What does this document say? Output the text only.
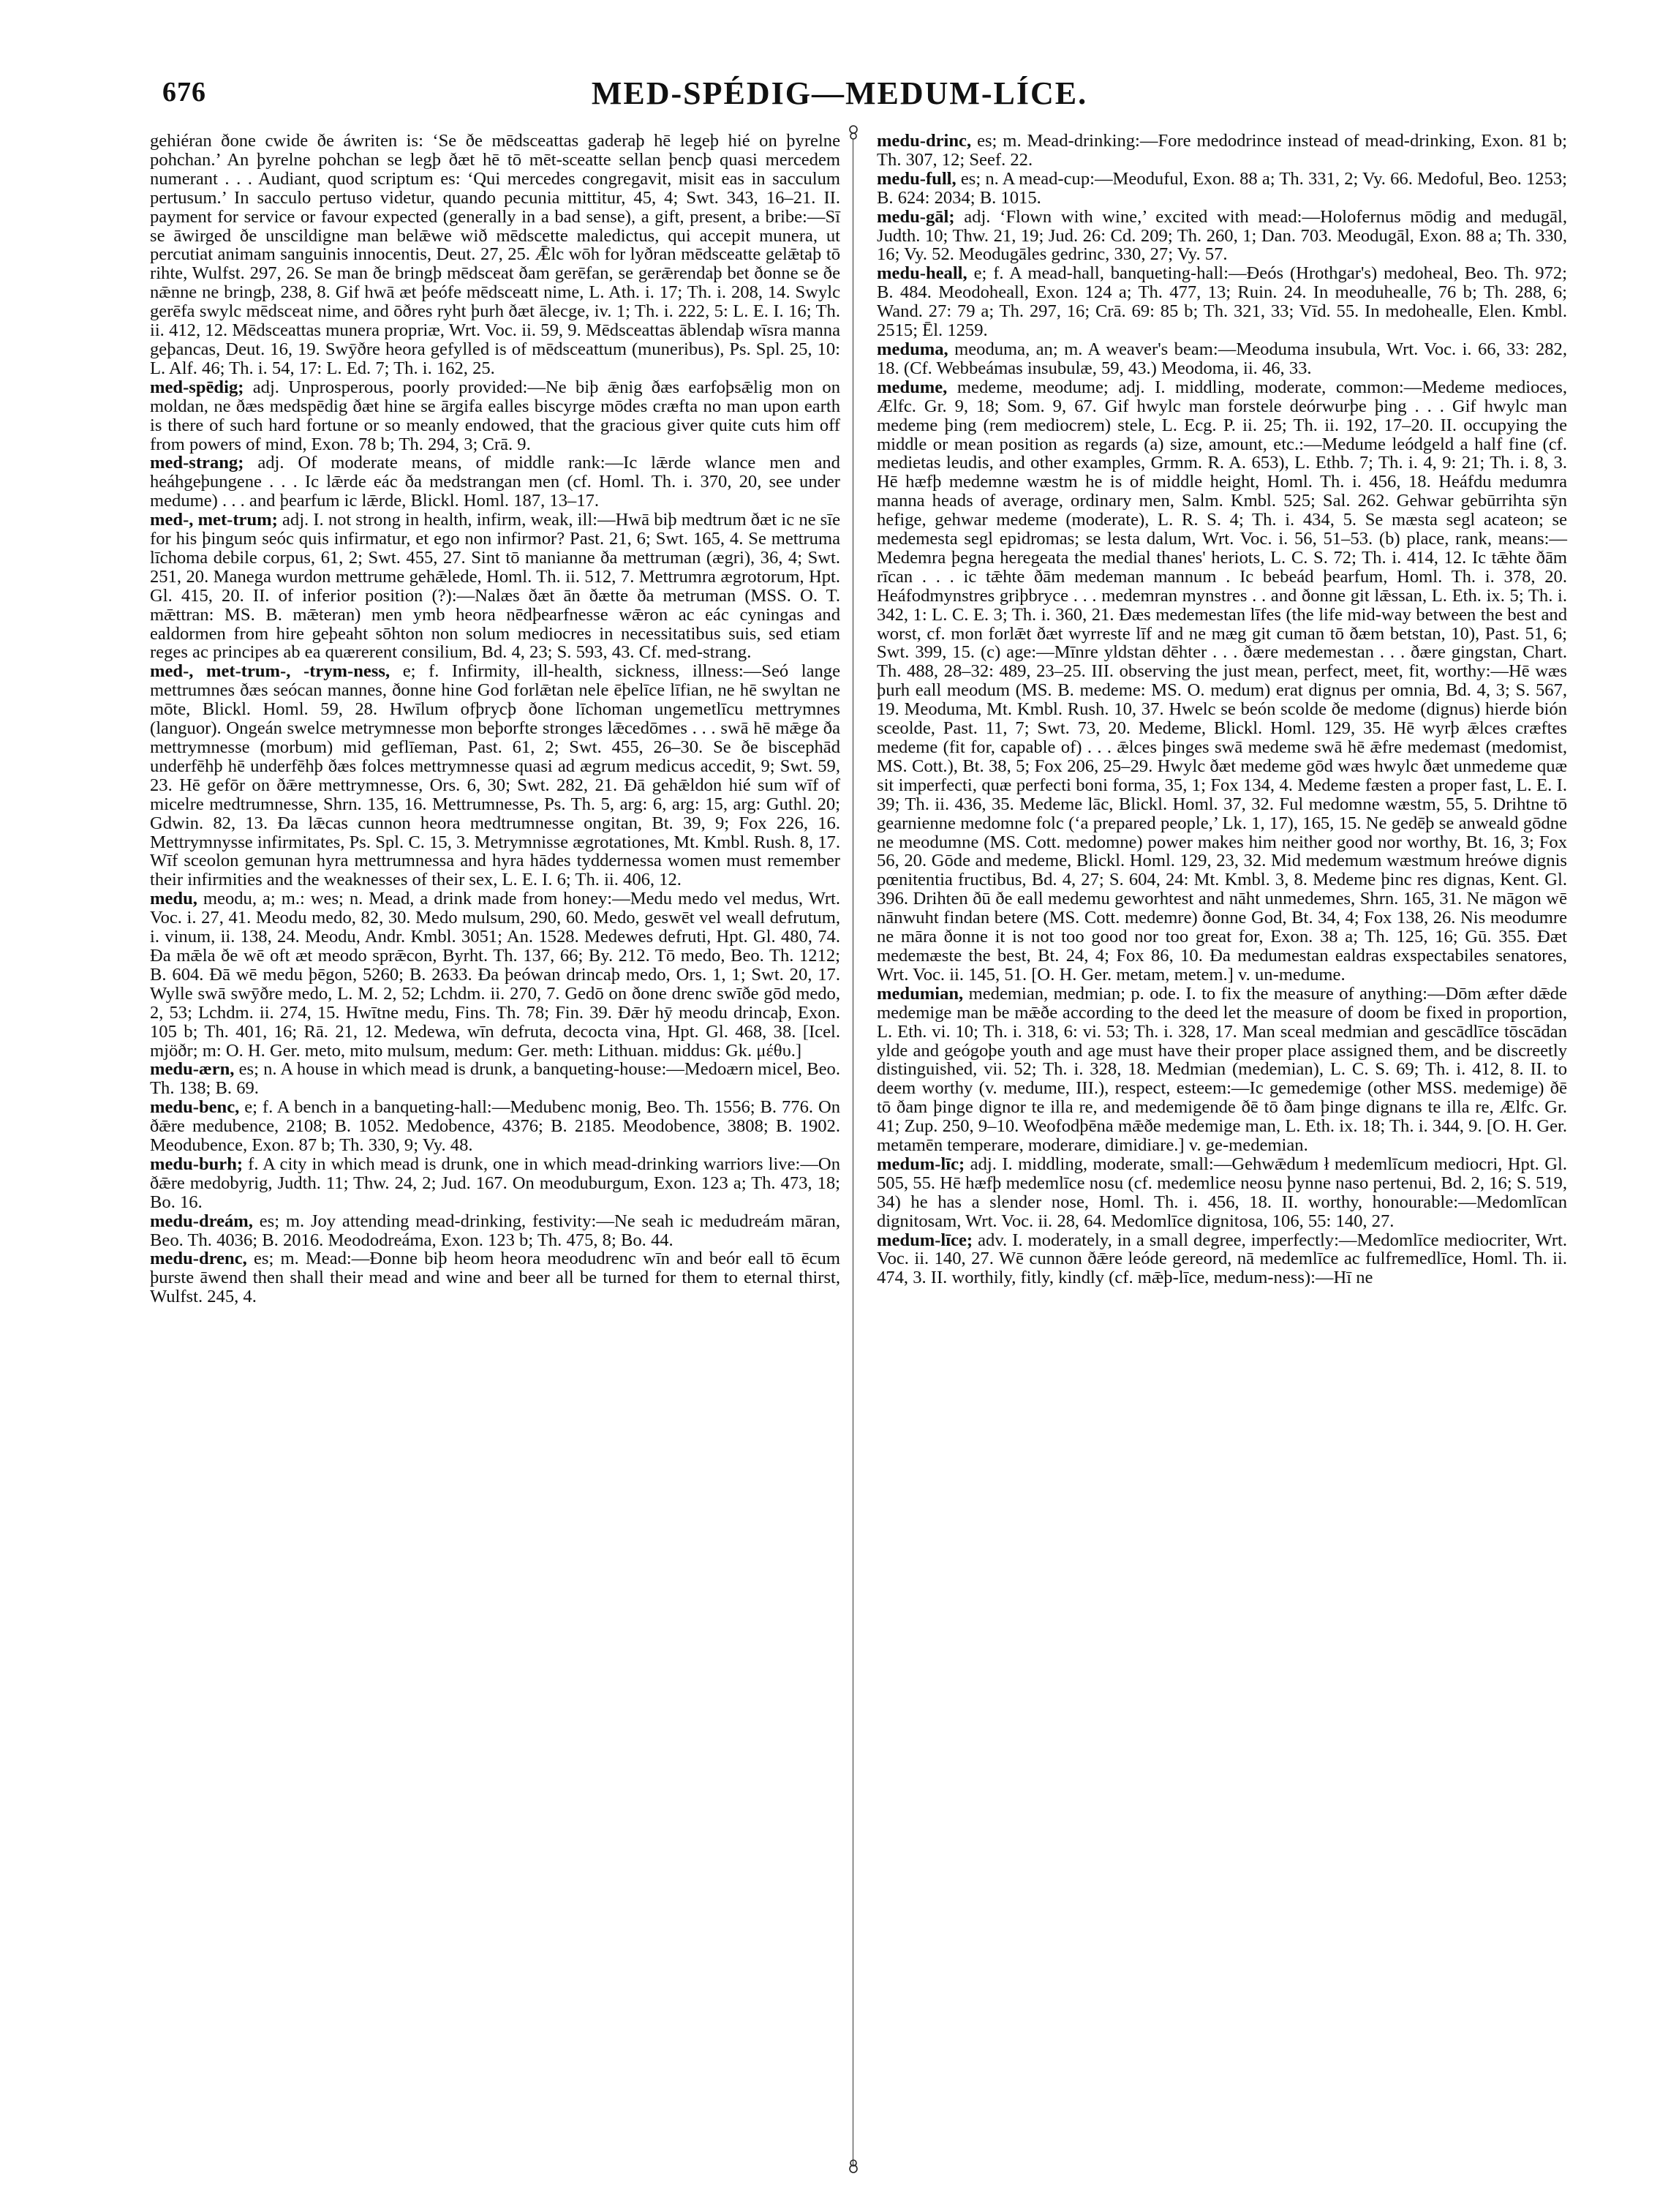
676	MED-SPÉDIG—MEDUM-LÍCE.

gehiéran ðone cwide ðe áwriten is: ‘Se ðe mēdsceattas gaderaþ hē legeþ hié on þyrelne pohchan.’ An þyrelne pohchan se legþ ðæt hē tō mēt-sceatte sellan þencþ quasi mercedem numerant . . . Audiant, quod scriptum es: ‘Qui mercedes congregavit, misit eas in sacculum pertusum.’ In sacculo pertuso videtur, quando pecunia mittitur, 45, 4; Swt. 343, 16–21. II. payment for service or favour expected (generally in a bad sense), a gift, present, a bribe:—Sī se āwirged ðe unscildigne man belǣwe wið mēdscette maledictus, qui accepit munera, ut percutiat animam sanguinis innocentis, Deut. 27, 25. Ǣlc wōh for lyðran mēdsceatte gelǣtaþ tō rihte, Wulfst. 297, 26. Se man ðe bringþ mēdsceat ðam gerēfan, se gerǣrendaþ bet ðonne se ðe nǣnne ne bringþ, 238, 8. Gif hwā æt þeófe mēdsceatt nime, L. Ath. i. 17; Th. i. 208, 14. Swylc gerēfa swylc mēdsceat nime, and ōðres ryht þurh ðæt ālecge, iv. 1; Th. i. 222, 5: L. E. I. 16; Th. ii. 412, 12. Mēdsceattas munera propriæ, Wrt. Voc. ii. 59, 9. Mēdsceattas āblendaþ wīsra manna geþancas, Deut. 16, 19. Swȳðre heora gefylled is of mēdsceattum (muneribus), Ps. Spl. 25, 10: L. Alf. 46; Th. i. 54, 17: L. Ed. 7; Th. i. 162, 25.

med-spēdig; adj. Unprosperous, poorly provided:—Ne biþ ǣnig ðæs earfoþsǣlig mon on moldan, ne ðæs medspēdig ðæt hine se ārgifa ealles biscyrge mōdes cræfta no man upon earth is there of such hard fortune or so meanly endowed, that the gracious giver quite cuts him off from powers of mind, Exon. 78 b; Th. 294, 3; Crā. 9.

med-strang; adj. Of moderate means, of middle rank:—Ic lǣrde wlance men and heáhgeþungene . . . Ic lǣrde eác ða medstrangan men (cf. Homl. Th. i. 370, 20, see under medume) . . . and þearfum ic lǣrde, Blickl. Homl. 187, 13–17.

med-, met-trum; adj. I. not strong in health, infirm, weak, ill:—Hwā biþ medtrum ðæt ic ne sīe for his þingum seóc quis infirmatur, et ego non infirmor? Past. 21, 6; Swt. 165, 4. Se mettruma līchoma debile corpus, 61, 2; Swt. 455, 27. Sint tō manianne ða mettruman (ægri), 36, 4; Swt. 251, 20. Manega wurdon mettrume gehǣlede, Homl. Th. ii. 512, 7. Mettrumra ægrotorum, Hpt. Gl. 415, 20. II. of inferior position (?):—Nalæs ðæt ān ðætte ða metruman (MSS. O. T. mǣttran: MS. B. mǣteran) men ymb heora nēdþearfnesse wǣron ac eác cyningas and ealdormen from hire geþeaht sōhton non solum mediocres in necessitatibus suis, sed etiam reges ac principes ab ea quærerent consilium, Bd. 4, 23; S. 593, 43. Cf. med-strang.

med-, met-trum-, -trym-ness, e; f. Infirmity, ill-health, sickness, illness:—Seó lange mettrumnes ðæs seócan mannes, ðonne hine God forlǣtan nele ēþelīce līfian, ne hē swyltan ne mōte, Blickl. Homl. 59, 28. Hwīlum ofþrycþ ðone līchoman ungemetlīcu mettrymnes (languor). Ongeán swelce metrymnesse mon beþorfte stronges lǣcedōmes . . . swā hē mǣge ða mettrymnesse (morbum) mid geflīeman, Past. 61, 2; Swt. 455, 26–30. Se ðe biscephād underfēhþ hē underfēhþ ðæs folces mettrymnesse quasi ad ægrum medicus accedit, 9; Swt. 59, 23. Hē gefōr on ðǣre mettrymnesse, Ors. 6, 30; Swt. 282, 21. Ðā gehǣldon hié sum wīf of micelre medtrumnesse, Shrn. 135, 16. Mettrumnesse, Ps. Th. 5, arg: 6, arg: 15, arg: Guthl. 20; Gdwin. 82, 13. Ða lǣcas cunnon heora medtrumnesse ongitan, Bt. 39, 9; Fox 226, 16. Mettrymnysse infirmitates, Ps. Spl. C. 15, 3. Metrymnisse ægrotationes, Mt. Kmbl. Rush. 8, 17. Wīf sceolon gemunan hyra mettrumnessa and hyra hādes tyddernessa women must remember their infirmities and the weaknesses of their sex, L. E. I. 6; Th. ii. 406, 12.

medu, meodu, a; m.: wes; n. Mead, a drink made from honey:—Medu medo vel medus, Wrt. Voc. i. 27, 41. Meodu medo, 82, 30. Medo mulsum, 290, 60. Medo, geswēt vel weall defrutum, i. vinum, ii. 138, 24. Meodu, Andr. Kmbl. 3051; An. 1528. Medewes defruti, Hpt. Gl. 480, 74. Ða mǣla ðe wē oft æt meodo sprǣcon, Byrht. Th. 137, 66; By. 212. Tō medo, Beo. Th. 1212; B. 604. Ðā wē medu þēgon, 5260; B. 2633. Ða þeówan drincaþ medo, Ors. 1, 1; Swt. 20, 17. Wylle swā swȳðre medo, L. M. 2, 52; Lchdm. ii. 270, 7. Gedō on ðone drenc swīðe gōd medo, 2, 53; Lchdm. ii. 274, 15. Hwītne medu, Fins. Th. 78; Fin. 39. Ðǣr hȳ meodu drincaþ, Exon. 105 b; Th. 401, 16; Rā. 21, 12. Medewa, wīn defruta, decocta vina, Hpt. Gl. 468, 38. [Icel. mjöðr; m: O. H. Ger. meto, mito mulsum, medum: Ger. meth: Lithuan. middus: Gk. μέθυ.]

medu-ærn, es; n. A house in which mead is drunk, a banqueting-house:—Medoærn micel, Beo. Th. 138; B. 69.

medu-benc, e; f. A bench in a banqueting-hall:—Medubenc monig, Beo. Th. 1556; B. 776. On ðǣre medubence, 2108; B. 1052. Medobence, 4376; B. 2185. Meodobence, 3808; B. 1902. Meodubence, Exon. 87 b; Th. 330, 9; Vy. 48.

medu-burh; f. A city in which mead is drunk, one in which mead-drinking warriors live:—On ðǣre medobyrig, Judth. 11; Thw. 24, 2; Jud. 167. On meoduburgum, Exon. 123 a; Th. 473, 18; Bo. 16.

medu-dreám, es; m. Joy attending mead-drinking, festivity:—Ne seah ic medudreám māran, Beo. Th. 4036; B. 2016. Meododreáma, Exon. 123 b; Th. 475, 8; Bo. 44.

medu-drenc, es; m. Mead:—Ðonne biþ heom heora meodudrenc wīn and beór eall tō ēcum þurste āwend then shall their mead and wine and beer all be turned for them to eternal thirst, Wulfst. 245, 4.

medu-drinc, es; m. Mead-drinking:—Fore medodrince instead of mead-drinking, Exon. 81 b; Th. 307, 12; Seef. 22.

medu-full, es; n. A mead-cup:—Meoduful, Exon. 88 a; Th. 331, 2; Vy. 66. Medoful, Beo. 1253; B. 624: 2034; B. 1015.

medu-gāl; adj. ‘Flown with wine,’ excited with mead:—Holofernus mōdig and medugāl, Judth. 10; Thw. 21, 19; Jud. 26: Cd. 209; Th. 260, 1; Dan. 703. Meodugāl, Exon. 88 a; Th. 330, 16; Vy. 52. Meodugāles gedrinc, 330, 27; Vy. 57.

medu-heall, e; f. A mead-hall, banqueting-hall:—Ðeós (Hrothgar's) medoheal, Beo. Th. 972; B. 484. Meodoheall, Exon. 124 a; Th. 477, 13; Ruin. 24. In meoduhealle, 76 b; Th. 288, 6; Wand. 27: 79 a; Th. 297, 16; Crā. 69: 85 b; Th. 321, 33; Vīd. 55. In medohealle, Elen. Kmbl. 2515; Ēl. 1259.

meduma, meoduma, an; m. A weaver's beam:—Meoduma insubula, Wrt. Voc. i. 66, 33: 282, 18. (Cf. Webbeámas insubulæ, 59, 43.) Meodoma, ii. 46, 33.

medume, medeme, meodume; adj. I. middling, moderate, common:—Medeme medioces, Ælfc. Gr. 9, 18; Som. 9, 67. Gif hwylc man forstele deórwurþe þing . . . Gif hwylc man medeme þing (rem mediocrem) stele, L. Ecg. P. ii. 25; Th. ii. 192, 17–20. II. occupying the middle or mean position as regards (a) size, amount, etc.:—Medume leódgeld a half fine (cf. medietas leudis, and other examples, Grmm. R. A. 653), L. Ethb. 7; Th. i. 4, 9: 21; Th. i. 8, 3. Hē hæfþ medemne wæstm he is of middle height, Homl. Th. i. 456, 18. Heáfdu medumra manna heads of average, ordinary men, Salm. Kmbl. 525; Sal. 262. Gehwar gebūrrihta sȳn hefige, gehwar medeme (moderate), L. R. S. 4; Th. i. 434, 5. Se mæsta segl acateon; se medemesta segl epidromas; se lesta dalum, Wrt. Voc. i. 56, 51–53. (b) place, rank, means:—Medemra þegna heregeata the medial thanes' heriots, L. C. S. 72; Th. i. 414, 12. Ic tǣhte ðām rīcan . . . ic tǣhte ðām medeman mannum . Ic bebeád þearfum, Homl. Th. i. 378, 20. Heáfodmynstres griþbryce . . . medemran mynstres . . and ðonne git lǣssan, L. Eth. ix. 5; Th. i. 342, 1: L. C. E. 3; Th. i. 360, 21. Ðæs medemestan līfes (the life mid-way between the best and worst, cf. mon forlǣt ðæt wyrreste līf and ne mæg git cuman tō ðæm betstan, 10), Past. 51, 6; Swt. 399, 15. (c) age:—Mīnre yldstan dēhter . . . ðære medemestan . . . ðære gingstan, Chart. Th. 488, 28–32: 489, 23–25. III. observing the just mean, perfect, meet, fit, worthy:—Hē wæs þurh eall meodum (MS. B. medeme: MS. O. medum) erat dignus per omnia, Bd. 4, 3; S. 567, 19. Meoduma, Mt. Kmbl. Rush. 10, 37. Hwelc se beón scolde ðe medome (dignus) hierde bión sceolde, Past. 11, 7; Swt. 73, 20. Medeme, Blickl. Homl. 129, 35. Hē wyrþ ǣlces cræftes medeme (fit for, capable of) . . . ǣlces þinges swā medeme swā hē ǣfre medemast (medomist, MS. Cott.), Bt. 38, 5; Fox 206, 25–29. Hwylc ðæt medeme gōd wæs hwylc ðæt unmedeme quæ sit imperfecti, quæ perfecti boni forma, 35, 1; Fox 134, 4. Medeme fæsten a proper fast, L. E. I. 39; Th. ii. 436, 35. Medeme lāc, Blickl. Homl. 37, 32. Ful medomne wæstm, 55, 5. Drihtne tō gearnienne medomne folc (‘a prepared people,’ Lk. 1, 17), 165, 15. Ne gedēþ se anweald gōdne ne meodumne (MS. Cott. medomne) power makes him neither good nor worthy, Bt. 16, 3; Fox 56, 20. Gōde and medeme, Blickl. Homl. 129, 23, 32. Mid medemum wæstmum hreówe dignis pœnitentia fructibus, Bd. 4, 27; S. 604, 24: Mt. Kmbl. 3, 8. Medeme þinc res dignas, Kent. Gl. 396. Drihten ðū ðe eall medemu geworhtest and nāht unmedemes, Shrn. 165, 31. Ne māgon wē nānwuht findan betere (MS. Cott. medemre) ðonne God, Bt. 34, 4; Fox 138, 26. Nis meodumre ne māra ðonne it is not too good nor too great for, Exon. 38 a; Th. 125, 16; Gū. 355. Ðæt medemæste the best, Bt. 24, 4; Fox 86, 10. Ða medumestan ealdras exspectabiles senatores, Wrt. Voc. ii. 145, 51. [O. H. Ger. metam, metem.] v. un-medume.

medumian, medemian, medmian; p. ode. I. to fix the measure of anything:—Dōm æfter dǣde medemige man be mǣðe according to the deed let the measure of doom be fixed in proportion, L. Eth. vi. 10; Th. i. 318, 6: vi. 53; Th. i. 328, 17. Man sceal medmian and gescādlīce tōscādan ylde and geógoþe youth and age must have their proper place assigned them, and be discreetly distinguished, vii. 52; Th. i. 328, 18. Medmian (medemian), L. C. S. 69; Th. i. 412, 8. II. to deem worthy (v. medume, III.), respect, esteem:—Ic gemedemige (other MSS. medemige) ðē tō ðam þinge dignor te illa re, and medemigende ðē tō ðam þinge dignans te illa re, Ælfc. Gr. 41; Zup. 250, 9–10. Weofodþēna mǣðe medemige man, L. Eth. ix. 18; Th. i. 344, 9. [O. H. Ger. metamēn temperare, moderare, dimidiare.] v. ge-medemian.

medum-līc; adj. I. middling, moderate, small:—Gehwǣdum ł medemlīcum mediocri, Hpt. Gl. 505, 55. Hē hæfþ medemlīce nosu (cf. medemlice neosu þynne naso pertenui, Bd. 2, 16; S. 519, 34) he has a slender nose, Homl. Th. i. 456, 18. II. worthy, honourable:—Medomlīcan dignitosam, Wrt. Voc. ii. 28, 64. Medomlīce dignitosa, 106, 55: 140, 27.

medum-līce; adv. I. moderately, in a small degree, imperfectly:—Medomlīce mediocriter, Wrt. Voc. ii. 140, 27. Wē cunnon ðǣre leóde gereord, nā medemlīce ac fulfremedlīce, Homl. Th. ii. 474, 3. II. worthily, fitly, kindly (cf. mǣþ-līce, medum-ness):—Hī ne
